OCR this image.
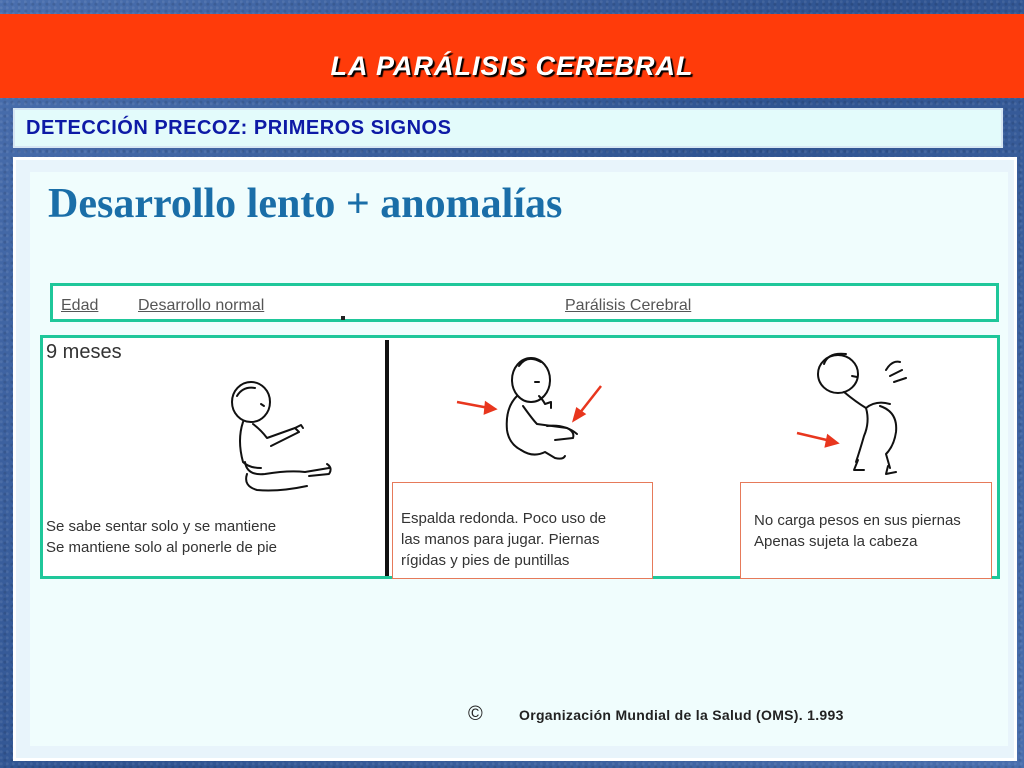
LA PARÁLISIS CEREBRAL
DETECCIÓN PRECOZ: PRIMEROS SIGNOS
Desarrollo lento + anomalías
Edad Desarrollo normal	Parálisis Cerebral
9 meses
Se sabe sentar solo y se mantiene
Se mantiene solo al ponerle de pie
Espalda redonda. Poco uso de
las manos para jugar. Piernas
rígidas y pies de puntillas
No carga pesos en sus piernas
Apenas sujeta la cabeza
©	Organización Mundial de la Salud (OMS). 1.993
